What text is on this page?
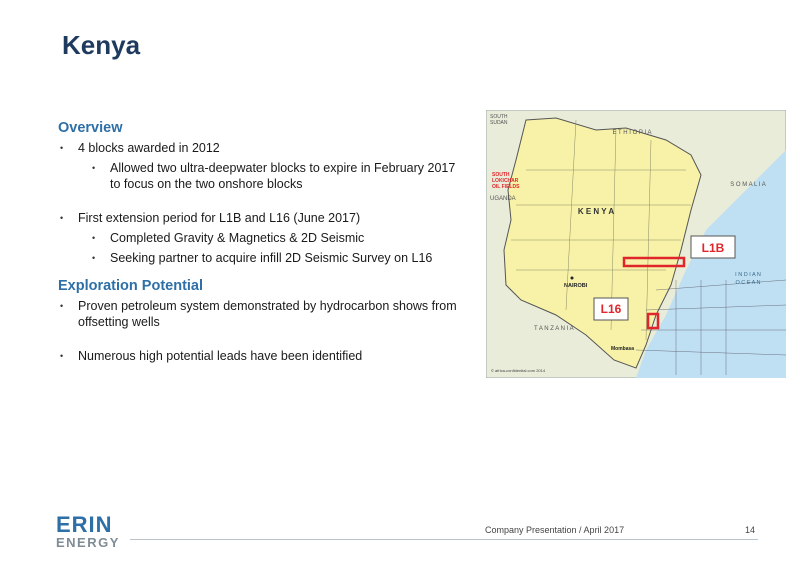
Kenya
Overview
• 4 blocks awarded in 2012
• Allowed two ultra-deepwater blocks to expire in February 2017 to focus on the two onshore blocks
• First extension period for L1B and L16 (June 2017)
• Completed Gravity & Magnetics & 2D Seismic
• Seeking partner to acquire infill 2D Seismic Survey on L16
Exploration Potential
• Proven petroleum system demonstrated by hydrocarbon shows from offsetting wells
• Numerous high potential leads have been identified
L1B
L16
K E N Y A
E T H I O P I A
S O M A L I A
SOUTH
SUDAN
UGANDA
T A N Z A N I A
I N D I A N
O C E A N
SOUTH
LOKICHAR
OIL FIELDS
NAIROBI
Mombasa
© africa-confidential.com 2014
Company Presentation / April 2017	14
ERIN
ENERGY
